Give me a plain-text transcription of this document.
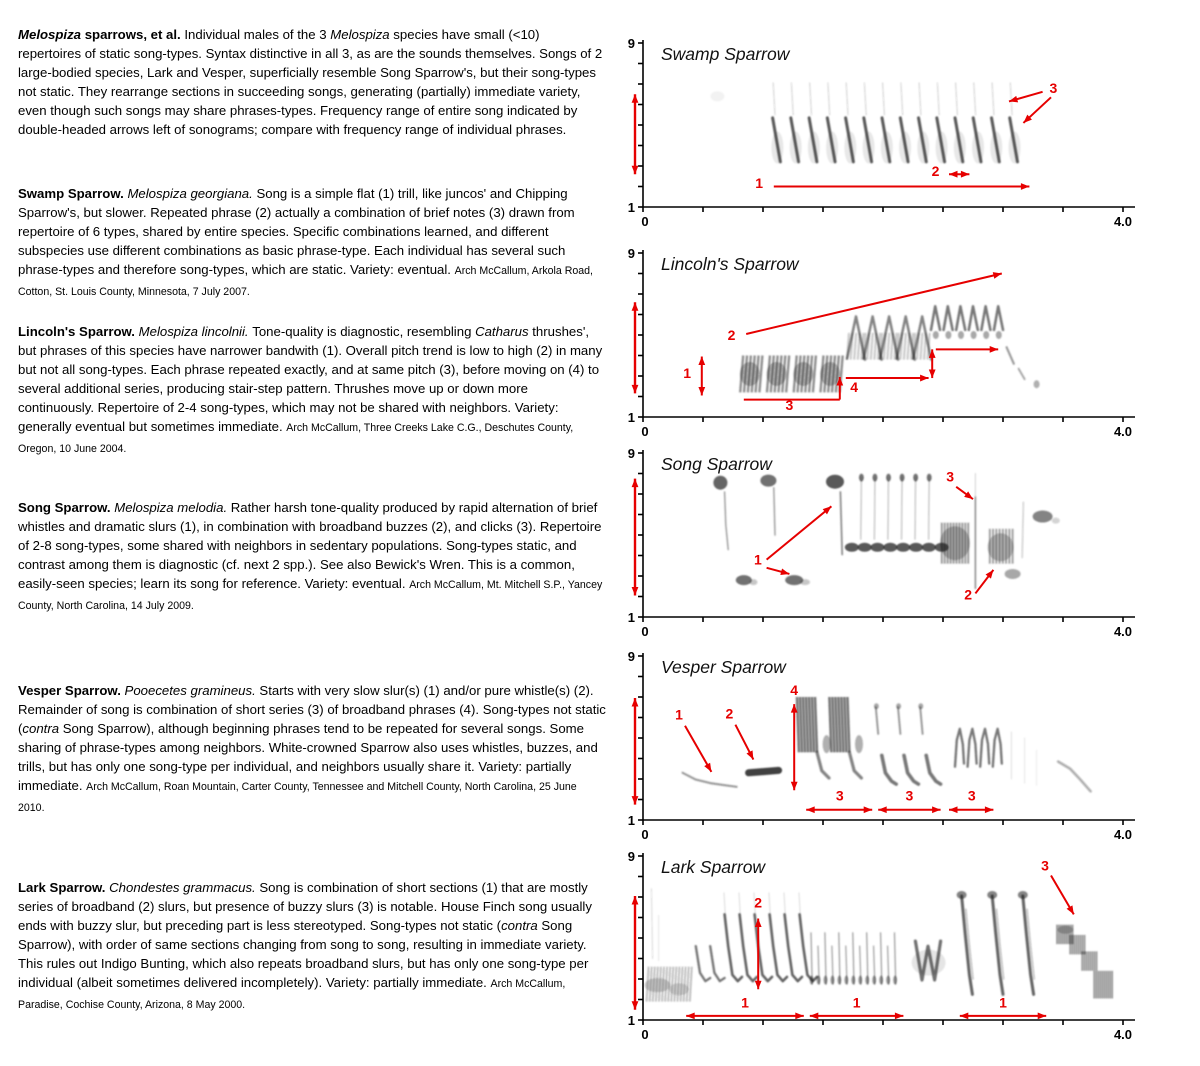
Melospiza sparrows, et al. Individual males of the 3 Melospiza species have small (<10) repertoires of static song-types. Syntax distinctive in all 3, as are the sounds themselves. Songs of 2 large-bodied species, Lark and Vesper, superficially resemble Song Sparrow's, but their song-types not static. They rearrange sections in succeeding songs, generating (partially) immediate variety, even though such songs may share phrases-types. Frequency range of entire song indicated by double-headed arrows left of sonograms; compare with frequency range of individual phrases.
Swamp Sparrow. Melospiza georgiana. Song is a simple flat (1) trill, like juncos' and Chipping Sparrow's, but slower. Repeated phrase (2) actually a combination of brief notes (3) drawn from repertoire of 6 types, shared by entire species. Specific combinations learned, and different subspecies use different combinations as basic phrase-type. Each individual has several such phrase-types and therefore song-types, which are static. Variety: eventual. Arch McCallum, Arkola Road, Cotton, St. Louis County, Minnesota, 7 July 2007.
Lincoln's Sparrow. Melospiza lincolnii. Tone-quality is diagnostic, resembling Catharus thrushes', but phrases of this species have narrower bandwith (1). Overall pitch trend is low to high (2) in many but not all song-types. Each phrase repeated exactly, and at same pitch (3), before moving on (4) to several additional series, producing stair-step pattern. Thrushes move up or down more continuously. Repertoire of 2-4 song-types, which may not be shared with neighbors. Variety: generally eventual but sometimes immediate. Arch McCallum, Three Creeks Lake C.G., Deschutes County, Oregon, 10 June 2004.
Song Sparrow. Melospiza melodia. Rather harsh tone-quality produced by rapid alternation of brief whistles and dramatic slurs (1), in combination with broadband buzzes (2), and clicks (3). Repertoire of 2-8 song-types, some shared with neighbors in sedentary populations. Song-types static, and contrast among them is diagnostic (cf. next 2 spp.). See also Bewick's Wren. This is a common, easily-seen species; learn its song for reference. Variety: eventual. Arch McCallum, Mt. Mitchell S.P., Yancey County, North Carolina, 14 July 2009.
Vesper Sparrow. Pooecetes gramineus. Starts with very slow slur(s) (1) and/or pure whistle(s) (2). Remainder of song is combination of short series (3) of broadband phrases (4). Song-types not static (contra Song Sparrow), although beginning phrases tend to be repeated for several songs. Some sharing of phrase-types among neighbors. White-crowned Sparrow also uses whistles, buzzes, and trills, but has only one song-type per individual, and neighbors usually share it. Variety: partially immediate. Arch McCallum, Roan Mountain, Carter County, Tennessee and Mitchell County, North Carolina, 25 June 2010.
Lark Sparrow. Chondestes grammacus. Song is combination of short sections (1) that are mostly series of broadband (2) slurs, but presence of buzzy slurs (3) is notable. House Finch song usually ends with buzzy slur, but preceding part is less stereotyped. Song-types not static (contra Song Sparrow), with order of same sections changing from song to song, resulting in immediate variety. This rules out Indigo Bunting, which also repeats broadband slurs, but has only one song-type per individual (albeit sometimes delivered incompletely). Variety: partially immediate. Arch McCallum, Paradise, Cochise County, Arizona, 8 May 2000.
9
1
0	4.0
Swamp Sparrow
1
2
3
9
1
0	4.0
Lincoln's Sparrow
1
2
3
4
9
1
0	4.0
Song Sparrow
1
3
2
9
1
0	4.0
Vesper Sparrow
1	2
4
3	3	3
9
1
0	4.0
Lark Sparrow
2
1	1	1
3
